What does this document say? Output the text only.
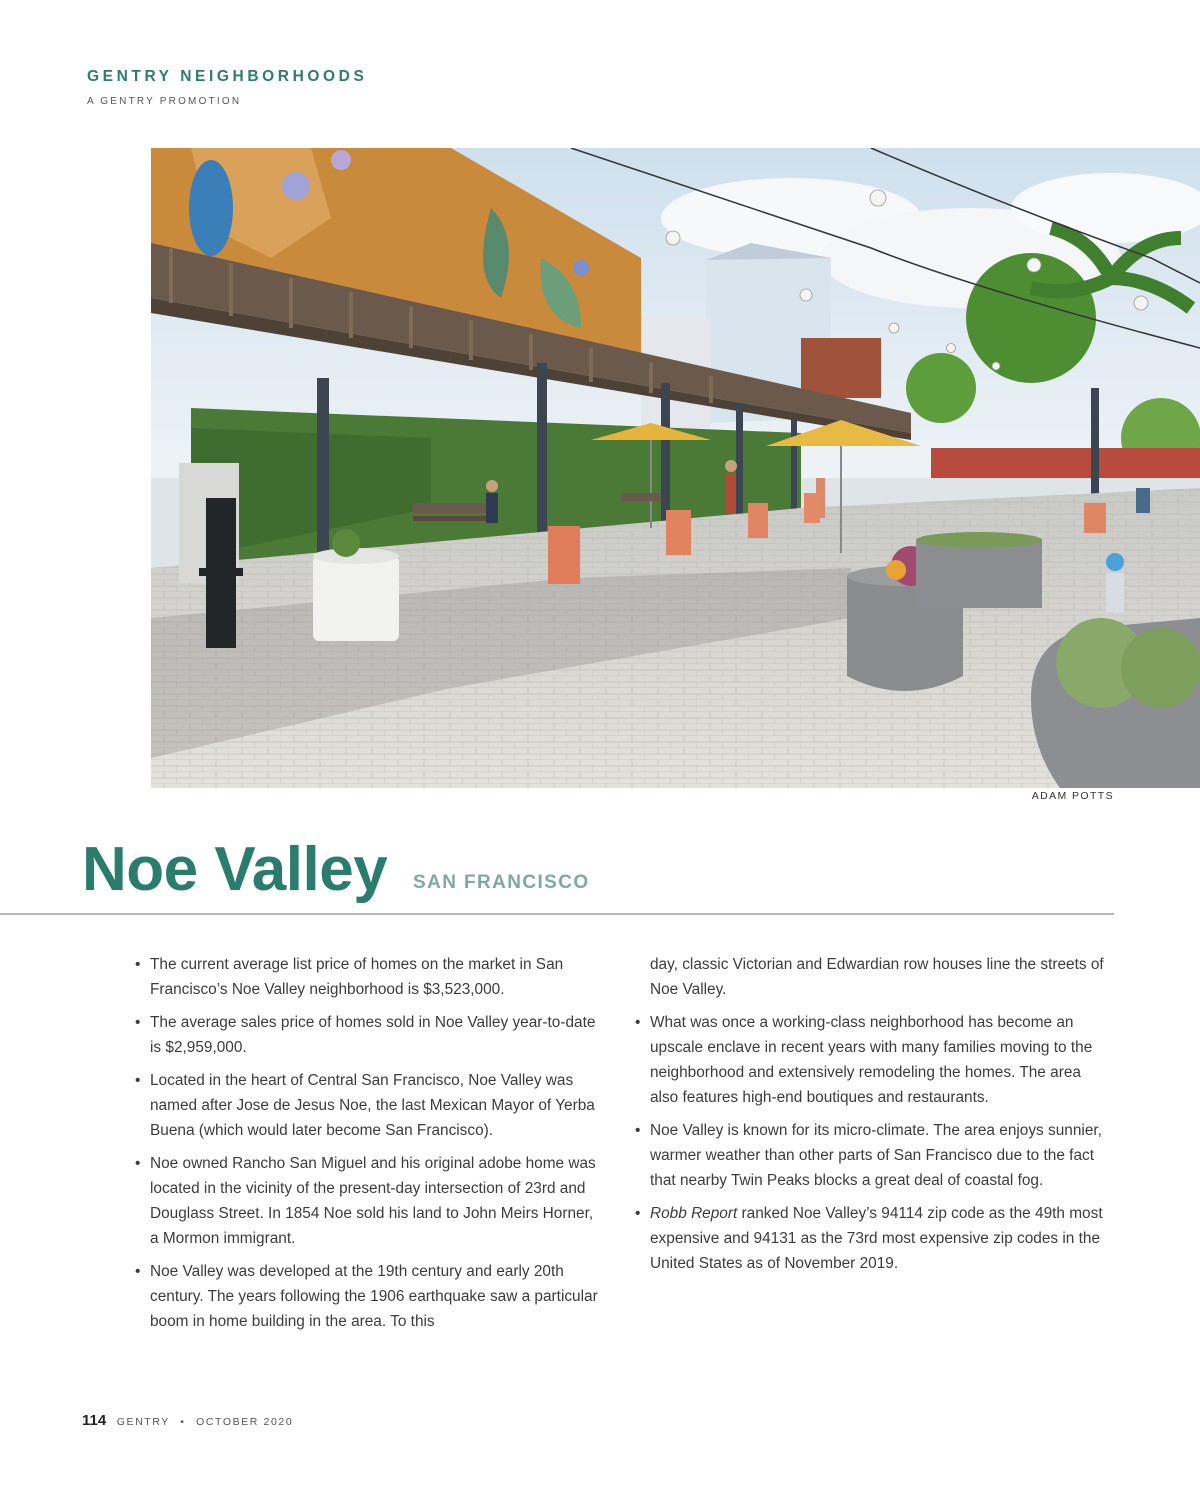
GENTRY NEIGHBORHOODS
A GENTRY PROMOTION
ADAM POTTS
Noe Valley SAN FRANCISCO

• The current average list price of homes on the market in San Francisco’s Noe Valley neighborhood is $3,523,000.

• The average sales price of homes sold in Noe Valley year-to-date is $2,959,000.

• Located in the heart of Central San Francisco, Noe Valley was named after Jose de Jesus Noe, the last Mexican Mayor of Yerba Buena (which would later become San Francisco).

• Noe owned Rancho San Miguel and his original adobe home was located in the vicinity of the present-day intersection of 23rd and Douglass Street. In 1854 Noe sold his land to John Meirs Horner, a Mormon immigrant.

• Noe Valley was developed at the 19th century and early 20th century. The years following the 1906 earthquake saw a particular boom in home building in the area. To this

day, classic Victorian and Edwardian row houses line the streets of Noe Valley.

• What was once a working-class neighborhood has become an upscale enclave in recent years with many families moving to the neighborhood and extensively remodeling the homes. The area also features high-end boutiques and restaurants.

• Noe Valley is known for its micro-climate. The area enjoys sunnier, warmer weather than other parts of San Francisco due to the fact that nearby Twin Peaks blocks a great deal of coastal fog.

• Robb Report ranked Noe Valley’s 94114 zip code as the 49th most expensive and 94131 as the 73rd most expensive zip codes in the United States as of November 2019.

114 GENTRY • OCTOBER 2020
